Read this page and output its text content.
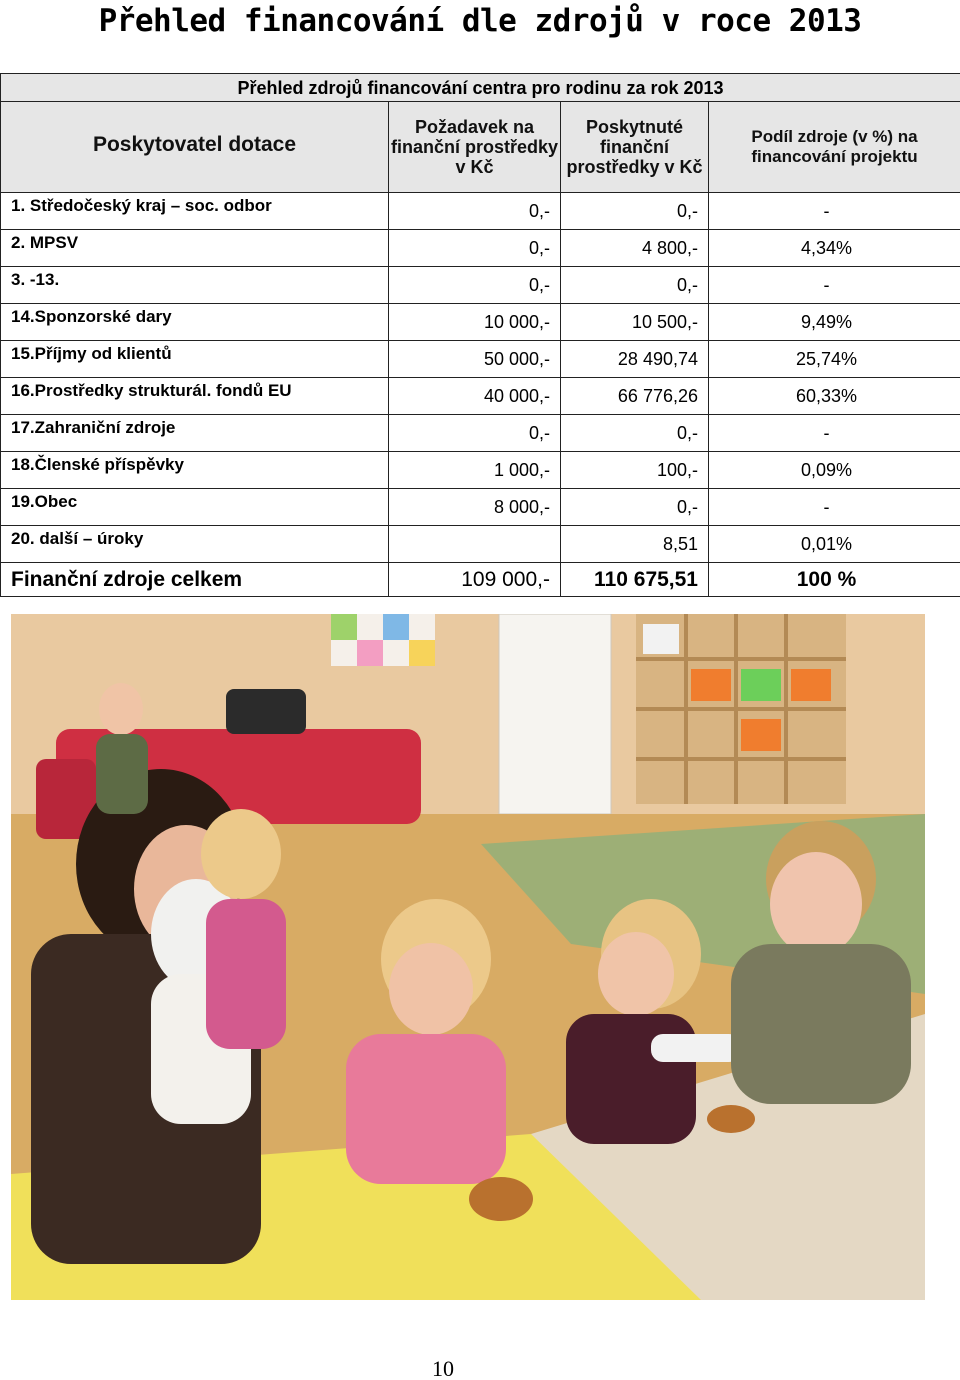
Přehled financování dle zdrojů v roce 2013
Přehled zdrojů financování centra pro rodinu za rok 2013			
Poskytovatel dotace	Požadavek na finanční prostředky v Kč	Poskytnuté finanční prostředky v Kč	Podíl zdroje (v %) na financování projektu
1. Středočeský kraj – soc. odbor	0,-	0,-	-
2. MPSV	0,-	4 800,-	4,34%
3. -13.	0,-	0,-	-
14.Sponzorské dary	10 000,-	10 500,-	9,49%
15.Příjmy od klientů	50 000,-	28 490,74	25,74%
16.Prostředky strukturál. fondů EU	40 000,-	66 776,26	60,33%
17.Zahraniční zdroje	0,-	0,-	-
18.Členské příspěvky	1 000,-	100,-	0,09%
19.Obec	8 000,-	0,-	-
20. další – úroky		8,51	0,01%
Finanční zdroje celkem	109 000,-	110 675,51	100 %
10
